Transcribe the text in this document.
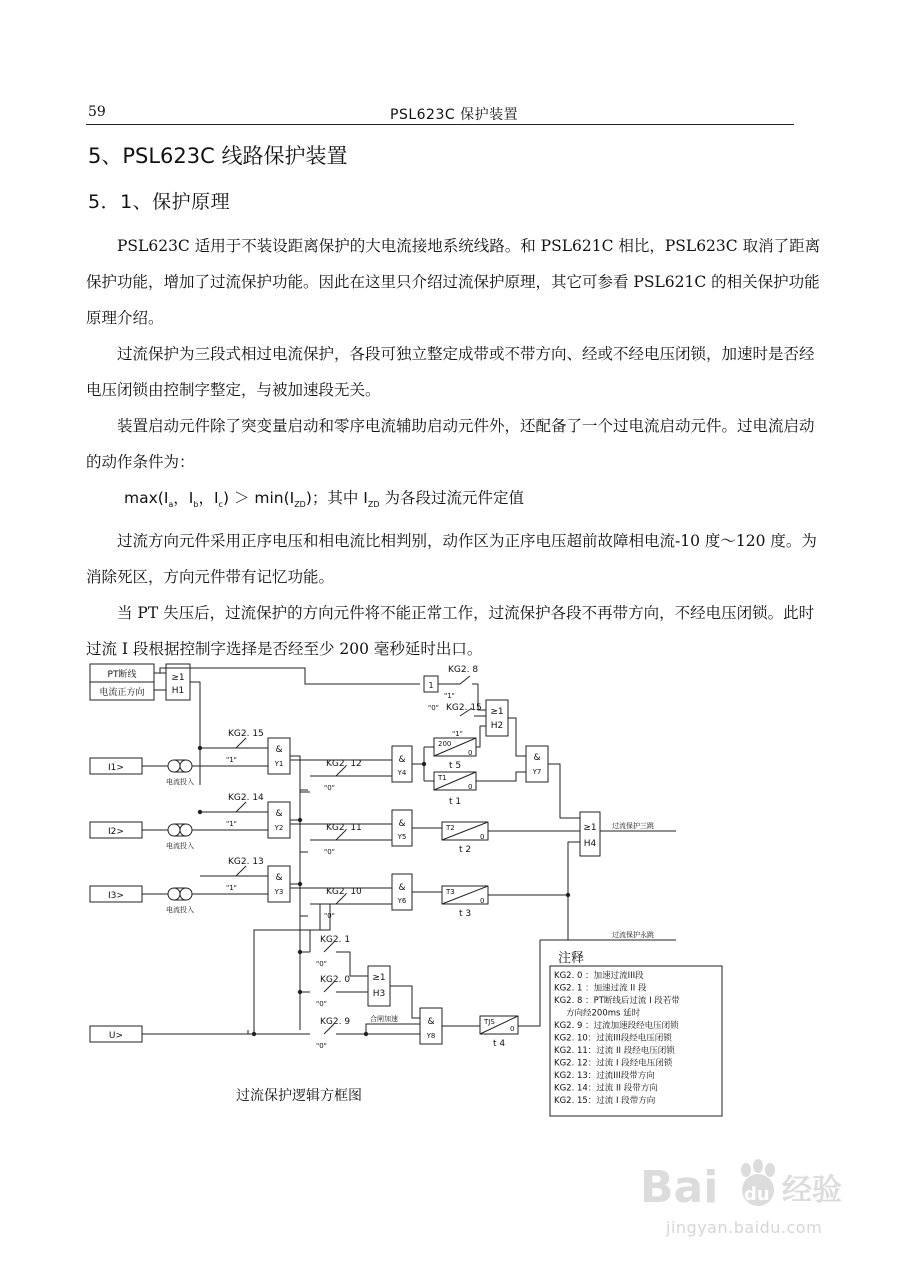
59	PSL623C 保护装置
5、PSL623C 线路保护装置
5．1、保护原理

PSL623C 适用于不装设距离保护的大电流接地系统线路。和 PSL621C 相比，PSL623C 取消了距离保护功能，增加了过流保护功能。因此在这里只介绍过流保护原理，其它可参看 PSL621C 的相关保护功能原理介绍。

过流保护为三段式相过电流保护，各段可独立整定成带或不带方向、经或不经电压闭锁，加速时是否经电压闭锁由控制字整定，与被加速段无关。

装置启动元件除了突变量启动和零序电流辅助启动元件外，还配备了一个过电流启动元件。过电流启动的动作条件为：

$\max(I_a$，$I_b$，$I_c) > \min(I_{ZD})$；其中 $I_{ZD}$ 为各段过流元件定值

过流方向元件采用正序电压和相电流比相判别，动作区为正序电压超前故障相电流-10 度～120 度。为消除死区，方向元件带有记忆功能。

当 PT 失压后，过流保护的方向元件将不能正常工作，过流保护各段不再带方向，不经电压闭锁。此时过流 I 段根据控制字选择是否经至少 200 毫秒延时出口。

PT断线
电流正方向
≥1
H1
I1>
I2>
I3>
U>
电流投入
电流投入
电流投入
&
Y1
&
Y2
&
Y3
KG2. 15
KG2. 14
KG2. 13
"1"
"1"
"1"
KG2. 12
KG2. 11
KG2. 10
"0"
"0"
"0"
&
Y4
&
Y5
&
Y6
1
KG2. 8
"1"
"0" KG2. 15
"1"
≥1
H2
&
Y7
200
0
t 5
T1
0
t 1
T2
0
t 2
T3
0
t 3
≥1
H4
过流保护三跳
过流保护永跳
KG2. 1
"0"
KG2. 0
"0"
KG2. 9
"0"
≥1
H3
合闸加速	&
Y8
TJS
0
t 4
过流保护逻辑方框图
注释
KG2. 0 ：加速过流III段
KG2. 1 ：加速过流 II 段
KG2. 8 ：PT断线后过流 I 段若带
方向经200ms 延时
KG2. 9 ：过流加速段经电压闭锁
KG2. 10：过流III段经电压闭锁
KG2. 11：过流 II 段经电压闭锁
KG2. 12：过流 I 段经电压闭锁
KG2. 13：过流III段带方向
KG2. 14：过流 II 段带方向
KG2. 15：过流 I 段带方向
Bai du 经验
jingyan.baidu.com
